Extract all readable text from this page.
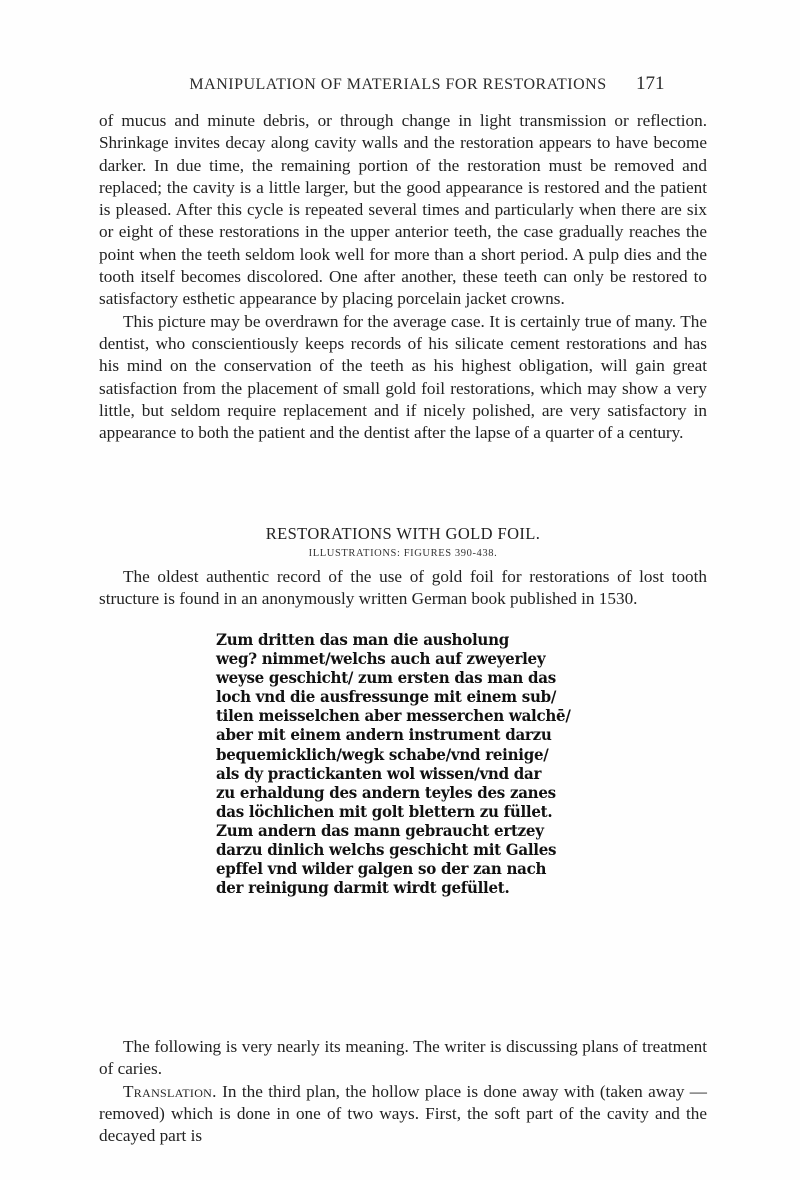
MANIPULATION OF MATERIALS FOR RESTORATIONS	171

of mucus and minute debris, or through change in light transmission or reflection. Shrinkage invites decay along cavity walls and the restoration appears to have become darker. In due time, the remaining portion of the restoration must be removed and replaced; the cavity is a little larger, but the good appearance is restored and the patient is pleased. After this cycle is repeated several times and particularly when there are six or eight of these restorations in the upper anterior teeth, the case gradually reaches the point when the teeth seldom look well for more than a short period. A pulp dies and the tooth itself becomes discolored. One after another, these teeth can only be restored to satisfactory esthetic appearance by placing porcelain jacket crowns.

This picture may be overdrawn for the average case. It is certainly true of many. The dentist, who conscientiously keeps records of his silicate cement restorations and has his mind on the conservation of the teeth as his highest obligation, will gain great satisfaction from the placement of small gold foil restorations, which may show a very little, but seldom require replacement and if nicely polished, are very satisfactory in appearance to both the patient and the dentist after the lapse of a quarter of a century.

RESTORATIONS WITH GOLD FOIL.
ILLUSTRATIONS: FIGURES 390-438.

The oldest authentic record of the use of gold foil for restorations of lost tooth structure is found in an anonymously written German book published in 1530.

Zum dritten das man die ausholung
weg? nimmet/welchs auch auf zweyerley
weyse geschicht/ zum ersten das man das
loch vnd die ausfressunge mit einem sub/
tilen meisselchen aber messerchen walchē/
aber mit einem andern instrument darzu
bequemicklich/wegk schabe/vnd reinige/
als dy practickanten wol wissen/vnd dar
zu erhaldung des andern teyles des zanes
das löchlichen mit golt blettern zu füllet.
Zum andern das mann gebraucht ertzey
darzu dinlich welchs geschicht mit Galles
epffel vnd wilder galgen so der zan nach
der reinigung darmit wirdt gefüllet.

The following is very nearly its meaning. The writer is discussing plans of treatment of caries.

Translation. In the third plan, the hollow place is done away with (taken away — removed) which is done in one of two ways. First, the soft part of the cavity and the decayed part is
